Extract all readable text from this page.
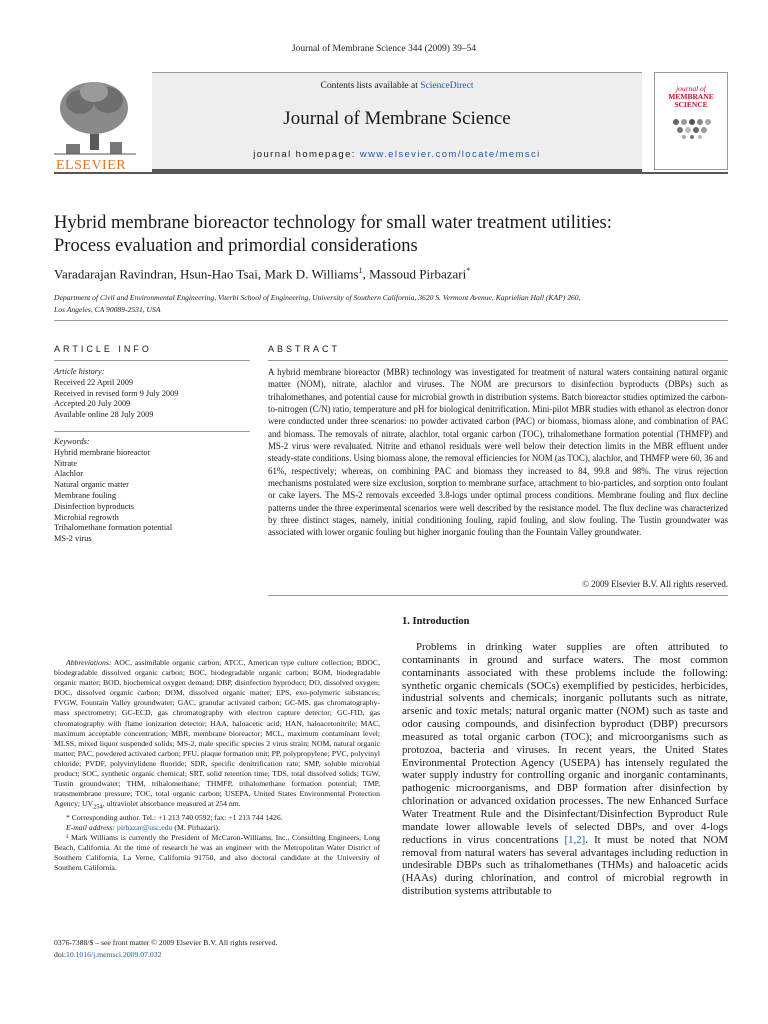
Journal of Membrane Science 344 (2009) 39–54
ELSEVIER
Contents lists available at ScienceDirect
Journal of Membrane Science
journal homepage: www.elsevier.com/locate/memsci
journal of
MEMBRANE
SCIENCE
Hybrid membrane bioreactor technology for small water treatment utilities:
Process evaluation and primordial considerations
Varadarajan Ravindran, Hsun-Hao Tsai, Mark D. Williams$^1$, Massoud Pirbazari*
Department of Civil and Environmental Engineering, Viterbi School of Engineering, University of Southern California, 3620 S. Vermont Avenue, Kaprielian Hall (KAP) 260,
Los Angeles, CA 90089-2531, USA
ARTICLE INFO	ABSTRACT
Article history:
Received 22 April 2009
Received in revised form 9 July 2009
Accepted 20 July 2009
Available online 28 July 2009
Keywords:
Hybrid membrane bioreactor
Nitrate
Alachlor
Natural organic matter
Membrane fouling
Disinfection byproducts
Microbial regrowth
Trihalomethane formation potential
MS-2 virus
A hybrid membrane bioreactor (MBR) technology was investigated for treatment of natural waters containing natural organic matter (NOM), nitrate, alachlor and viruses. The NOM are precursors to disinfection byproducts (DBPs) such as trihalomethanes, and potential cause for microbial growth in distribution systems. Batch bioreactor studies optimized the carbon-to-nitrogen (C/N) ratio, temperature and pH for biological denitrification. Mini-pilot MBR studies with ethanol as electron donor were conducted under three scenarios: no powder activated carbon (PAC) or biomass, biomass alone, and combination of PAC and biomass. The removals of nitrate, alachlor, total organic carbon (TOC), trihalomethane formation potential (THMFP) and MS-2 virus were revaluated. Nitrite and ethanol residuals were well below their detection limits in the MBR effluent under steady-state conditions. Using biomass alone, the removal efficiencies for NOM (as TOC), alachlor, and THMFP were 60, 36 and 61%, respectively; whereas, on combining PAC and biomass they increased to 84, 99.8 and 98%. The virus rejection mechanisms postulated were size exclusion, sorption to membrane surface, attachment to bio-particles, and sorption onto foulant or cake layers. The MS-2 removals exceeded 3.8-logs under optimal process conditions. Membrane fouling and flux decline patterns under the three experimental scenarios were well described by the resistance model. The flux decline was characterized by three distinct stages, namely, initial conditioning fouling, rapid fouling, and slow fouling. The Tustin groundwater was associated with lower organic fouling but higher inorganic fouling than the Fountain Valley groundwater.
© 2009 Elsevier B.V. All rights reserved.
1. Introduction

Problems in drinking water supplies are often attributed to contaminants in ground and surface waters. The most common contaminants associated with these problems include the following: synthetic organic chemicals (SOCs) exemplified by pesticides, herbicides, industrial solvents and chemicals; inorganic pollutants such as nitrate, arsenic and toxic metals; natural organic matter (NOM) such as taste and odor causing compounds, and disinfection byproduct (DBP) precursors measured as total organic carbon (TOC); and microorganisms such as protozoa, bacteria and viruses. In recent years, the United States Environmental Protection Agency (USEPA) has intensely regulated the water supply industry for controlling organic and inorganic contaminants, pathogenic microorganisms, and DBP formation after disinfection by chlorination or advanced oxidation processes. The new Enhanced Surface Water Treatment Rule and the Disinfectant/Disinfection Byproduct Rule mandate lower allowable levels of selected DBPs, and over 4-logs reductions in virus concentrations [1,2]. It must be noted that NOM removal from natural waters has several advantages including reduction in undesirable DBPs such as trihalomethanes (THMs) and haloacetic acids (HAAs) during chlorination, and control of microbial regrowth in distribution systems attributable to

Abbreviations: AOC, assimilable organic carbon; ATCC, American type culture collection; BDOC, biodegradable dissolved organic carbon; BOC, biodegradable organic carbon; BOM, biodegradable organic matter; BOD, biochemical oxygen demand; DBP, disinfection byproduct; DO, dissolved oxygen; DOC, dissolved organic carbon; DOM, dissolved organic matter; EPS, exo-polymeric substances; FVGW, Fountain Valley groundwater; GAC, granular activated carbon; GC-MS, gas chromatography-mass spectrometry; GC-ECD, gas chromatography with electron capture detector; GC-FID, gas chromatography with flame ionization detector; HAA, haloacetic acid; HAN, haloacetonitrile; MAC, maximum acceptable concentration; MBR, membrane bioreactor; MCL, maximum contaminant level; MLSS, mixed liquor suspended solids; MS-2, male specific species 2 virus strain; NOM, natural organic matter; PAC, powdered activated carbon; PFU, plaque formation unit; PP, polypropylene; PVC, polyvinyl chloride; PVDF, polyvinylidene fluoride; SDR, specific denitrification rate; SMP, soluble microbial product; SOC, synthetic organic chemical; SRT, solid retention time; TDS, total dissolved solids; TGW, Tustin groundwater; THM, trihalomethane; THMFP, trihalomethane formation potential; TMP, transmembrane pressure; TOC, total organic carbon; USEPA, United States Environmental Protection Agency; $UV_{254}$, ultraviolet absorbance measured at 254 nm.

* Corresponding author. Tel.: +1 213 740 0592; fax: +1 213 744 1426.

E-mail address: pirbazar@usc.edu (M. Pirbazari).

¹ Mark Williams is currently the President of McCaron-Williams, Inc., Consulting Engineers, Long Beach, California. At the time of research he was an engineer with the Metropolitan Water District of Southern California, La Verne, California 91750, and also doctoral candidate at the University of Southern California.

0376-7388/$ – see front matter © 2009 Elsevier B.V. All rights reserved.
doi:10.1016/j.memsci.2009.07.032
